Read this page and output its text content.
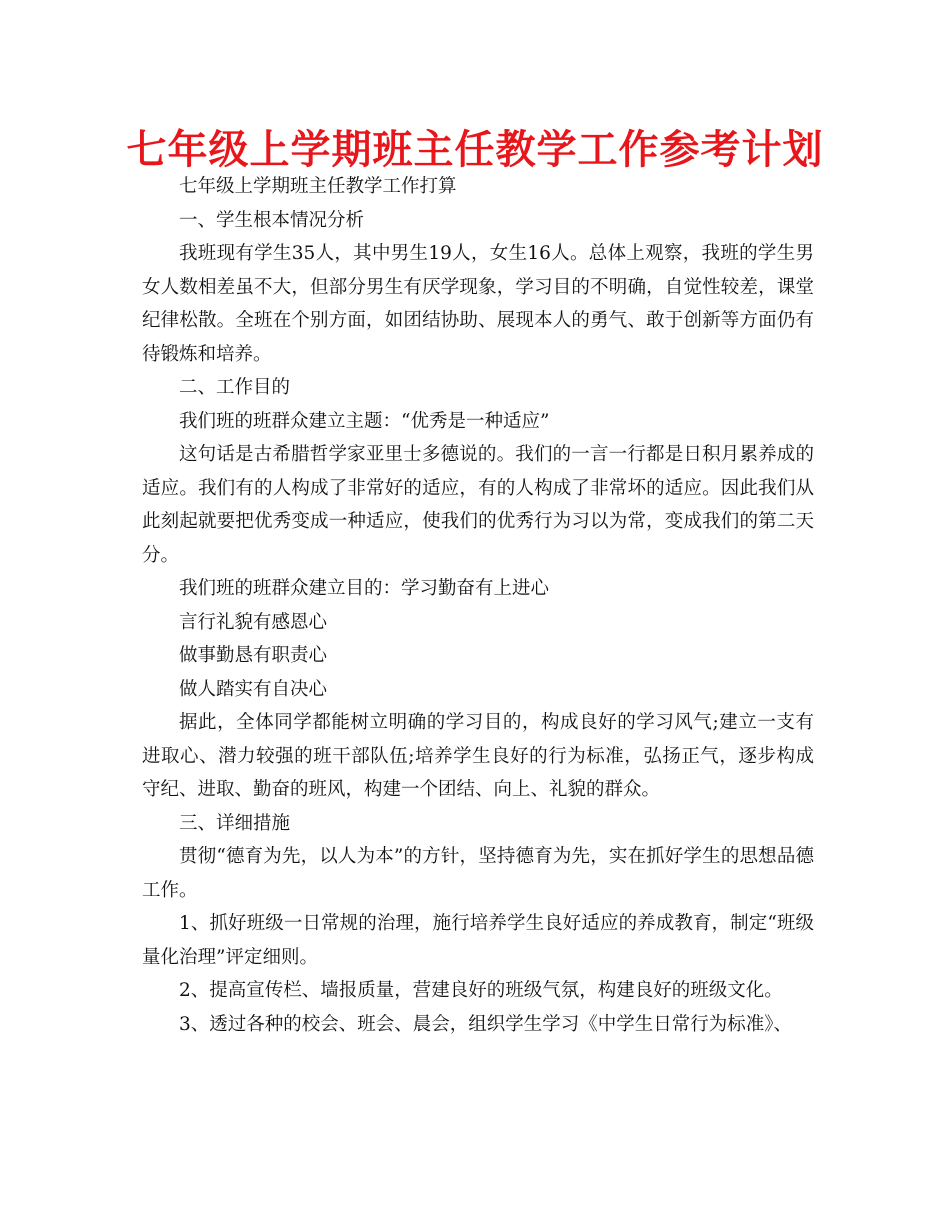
七年级上学期班主任教学工作参考计划

七年级上学期班主任教学工作打算

一、学生根本情况分析

我班现有学生35人，其中男生19人，女生16人。总体上观察，我班的学生男女人数相差虽不大，但部分男生有厌学现象，学习目的不明确，自觉性较差，课堂纪律松散。全班在个别方面，如团结协助、展现本人的勇气、敢于创新等方面仍有待锻炼和培养。

二、工作目的

我们班的班群众建立主题：“优秀是一种适应”

这句话是古希腊哲学家亚里士多德说的。我们的一言一行都是日积月累养成的适应。我们有的人构成了非常好的适应，有的人构成了非常坏的适应。因此我们从此刻起就要把优秀变成一种适应，使我们的优秀行为习以为常，变成我们的第二天分。

我们班的班群众建立目的：学习勤奋有上进心

言行礼貌有感恩心

做事勤恳有职责心

做人踏实有自决心

据此，全体同学都能树立明确的学习目的，构成良好的学习风气;建立一支有进取心、潜力较强的班干部队伍;培养学生良好的行为标准，弘扬正气，逐步构成守纪、进取、勤奋的班风，构建一个团结、向上、礼貌的群众。

三、详细措施

贯彻“德育为先，以人为本”的方针，坚持德育为先，实在抓好学生的思想品德工作。

1、抓好班级一日常规的治理，施行培养学生良好适应的养成教育，制定“班级量化治理”评定细则。

2、提高宣传栏、墙报质量，营建良好的班级气氛，构建良好的班级文化。

3、透过各种的校会、班会、晨会，组织学生学习《中学生日常行为标准》、
